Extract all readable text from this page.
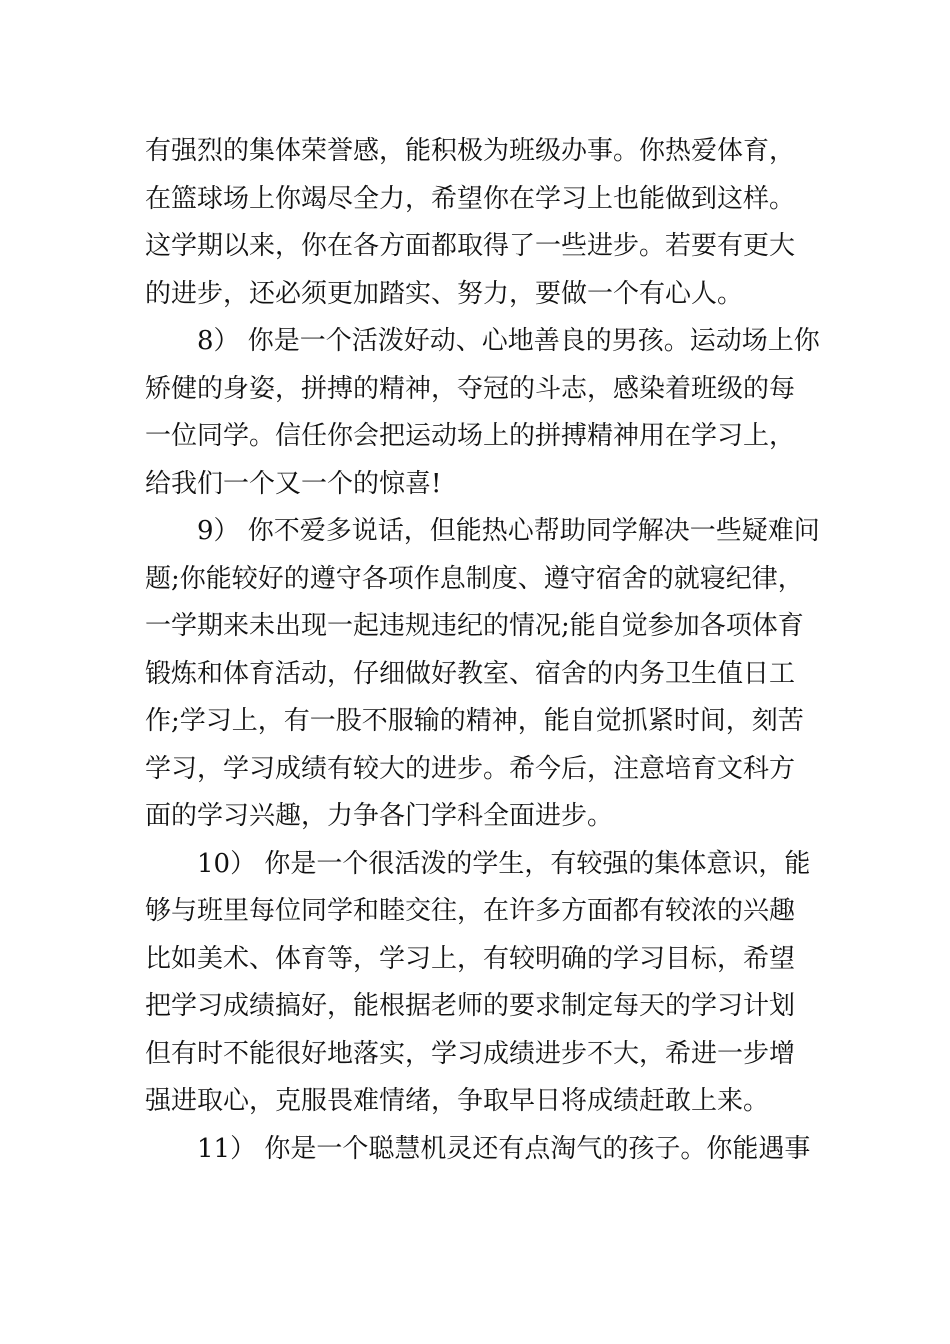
有强烈的集体荣誉感，能积极为班级办事。你热爱体育，
在篮球场上你竭尽全力，希望你在学习上也能做到这样。
这学期以来，你在各方面都取得了一些进步。若要有更大
的进步，还必须更加踏实、努力，要做一个有心人。
　　8） 你是一个活泼好动、心地善良的男孩。运动场上你
矫健的身姿，拼搏的精神，夺冠的斗志，感染着班级的每
一位同学。信任你会把运动场上的拼搏精神用在学习上，
给我们一个又一个的惊喜!
　　9） 你不爱多说话，但能热心帮助同学解决一些疑难问
题;你能较好的遵守各项作息制度、遵守宿舍的就寝纪律，
一学期来未出现一起违规违纪的情况;能自觉参加各项体育
锻炼和体育活动，仔细做好教室、宿舍的内务卫生值日工
作;学习上，有一股不服输的精神，能自觉抓紧时间，刻苦
学习，学习成绩有较大的进步。希今后，注意培育文科方
面的学习兴趣，力争各门学科全面进步。
　　10） 你是一个很活泼的学生，有较强的集体意识，能
够与班里每位同学和睦交往，在许多方面都有较浓的兴趣
比如美术、体育等，学习上，有较明确的学习目标，希望
把学习成绩搞好，能根据老师的要求制定每天的学习计划
但有时不能很好地落实，学习成绩进步不大，希进一步增
强进取心，克服畏难情绪，争取早日将成绩赶敢上来。
　　11） 你是一个聪慧机灵还有点淘气的孩子。你能遇事
